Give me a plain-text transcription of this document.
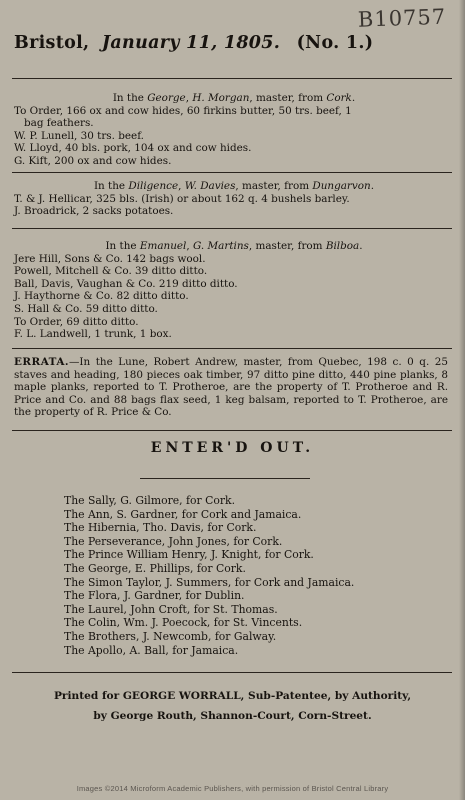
B10757
Bristol, January 11, 1805. (No. 1.)
In the George, H. Morgan, master, from Cork.
To Order, 166 ox and cow hides, 60 firkins butter, 50 trs. beef, 1
bag feathers.
W. P. Lunell, 30 trs. beef.
W. Lloyd, 40 bls. pork, 104 ox and cow hides.
G. Kift, 200 ox and cow hides.
In the Diligence, W. Davies, master, from Dungarvon.
T. & J. Hellicar, 325 bls. (Irish) or about 162 q. 4 bushels barley.
J. Broadrick, 2 sacks potatoes.
In the Emanuel, G. Martins, master, from Bilboa.
Jere Hill, Sons & Co. 142 bags wool.
Powell, Mitchell & Co. 39 ditto ditto.
Ball, Davis, Vaughan & Co. 219 ditto ditto.
J. Haythorne & Co. 82 ditto ditto.
S. Hall & Co. 59 ditto ditto.
To Order, 69 ditto ditto.
F. L. Landwell, 1 trunk, 1 box.
ERRATA.—In the Lune, Robert Andrew, master, from Quebec, 198 c. 0 q. 25 staves and heading, 180 pieces oak timber, 97 ditto pine ditto, 440 pine planks, 8 maple planks, reported to T. Protheroe, are the property of T. Protheroe and R. Price and Co. and 88 bags flax seed, 1 keg balsam, reported to T. Protheroe, are the property of R. Price & Co.
ENTER'D OUT.
The Sally, G. Gilmore, for Cork.
The Ann, S. Gardner, for Cork and Jamaica.
The Hibernia, Tho. Davis, for Cork.
The Perseverance, John Jones, for Cork.
The Prince William Henry, J. Knight, for Cork.
The George, E. Phillips, for Cork.
The Simon Taylor, J. Summers, for Cork and Jamaica.
The Flora, J. Gardner, for Dublin.
The Laurel, John Croft, for St. Thomas.
The Colin, Wm. J. Poecock, for St. Vincents.
The Brothers, J. Newcomb, for Galway.
The Apollo, A. Ball, for Jamaica.
Printed for GEORGE WORRALL, Sub-Patentee, by Authority,
by George Routh, Shannon-Court, Corn-Street.
Images ©2014 Microform Academic Publishers, with permission of Bristol Central Library
